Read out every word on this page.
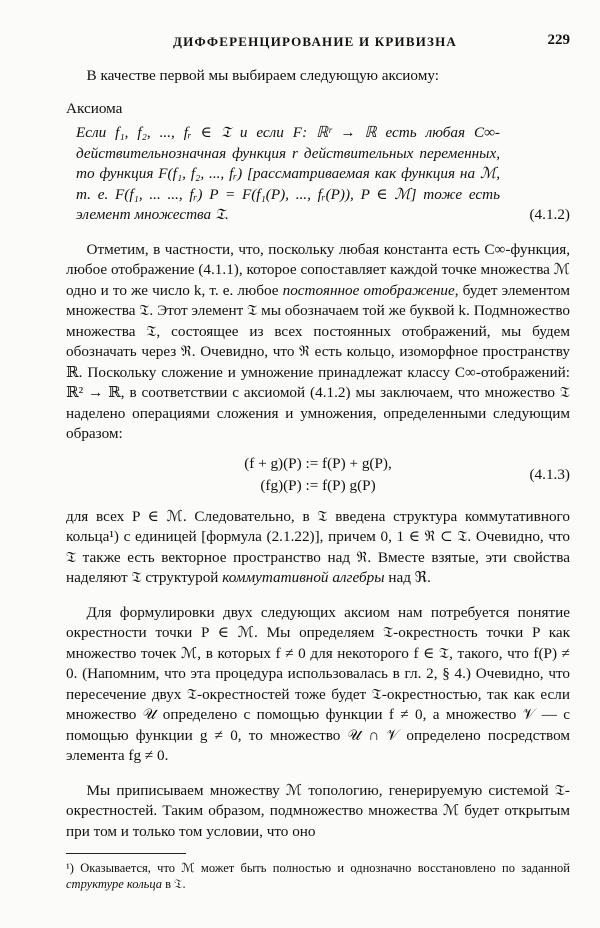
ДИФФЕРЕНЦИРОВАНИЕ И КРИВИЗНА	229

В качестве первой мы выбираем следующую аксиому:

Аксиома

Если f₁, f₂, ..., fᵣ ∈ 𝔗 и если F: ℝʳ → ℝ есть любая C∞-действительнозначная функция r действительных переменных, то функция F(f₁, f₂, ..., fᵣ) [рассматриваемая как функция на ℳ, т. е. F(f₁, ... ..., fᵣ) P = F(f₁(P), ..., fᵣ(P)), P ∈ ℳ] тоже есть элемент множества 𝔗.	(4.1.2)

Отметим, в частности, что, поскольку любая константа есть C∞-функция, любое отображение (4.1.1), которое сопоставляет каждой точке множества ℳ одно и то же число k, т. е. любое постоянное отображение, будет элементом множества 𝔗. Этот элемент 𝔗 мы обозначаем той же буквой k. Подмножество множества 𝔗, состоящее из всех постоянных отображений, мы будем обозначать через ℜ. Очевидно, что ℜ есть кольцо, изоморфное пространству ℝ. Поскольку сложение и умножение принадлежат классу C∞-отображений: ℝ² → ℝ, в соответствии с аксиомой (4.1.2) мы заключаем, что множество 𝔗 наделено операциями сложения и умножения, определенными следующим образом:

(f + g)(P) := f(P) + g(P),
(fg)(P) := f(P) g(P)
(4.1.3)

для всех P ∈ ℳ. Следовательно, в 𝔗 введена структура коммутативного кольца¹) с единицей [формула (2.1.22)], причем 0, 1 ∈ ℜ ⊂ 𝔗. Очевидно, что 𝔗 также есть векторное пространство над ℜ. Вместе взятые, эти свойства наделяют 𝔗 структурой коммутативной алгебры над ℜ.

Для формулировки двух следующих аксиом нам потребуется понятие окрестности точки P ∈ ℳ. Мы определяем 𝔗-окрестность точки P как множество точек ℳ, в которых f ≠ 0 для некоторого f ∈ 𝔗, такого, что f(P) ≠ 0. (Напомним, что эта процедура использовалась в гл. 2, § 4.) Очевидно, что пересечение двух 𝔗-окрестностей тоже будет 𝔗-окрестностью, так как если множество 𝒰 определено с помощью функции f ≠ 0, а множество 𝒱 — с помощью функции g ≠ 0, то множество 𝒰 ∩ 𝒱 определено посредством элемента fg ≠ 0.

Мы приписываем множеству ℳ топологию, генерируемую системой 𝔗-окрестностей. Таким образом, подмножество множества ℳ будет открытым при том и только том условии, что оно

¹) Оказывается, что ℳ может быть полностью и однозначно восстановлено по заданной структуре кольца в 𝔗.
